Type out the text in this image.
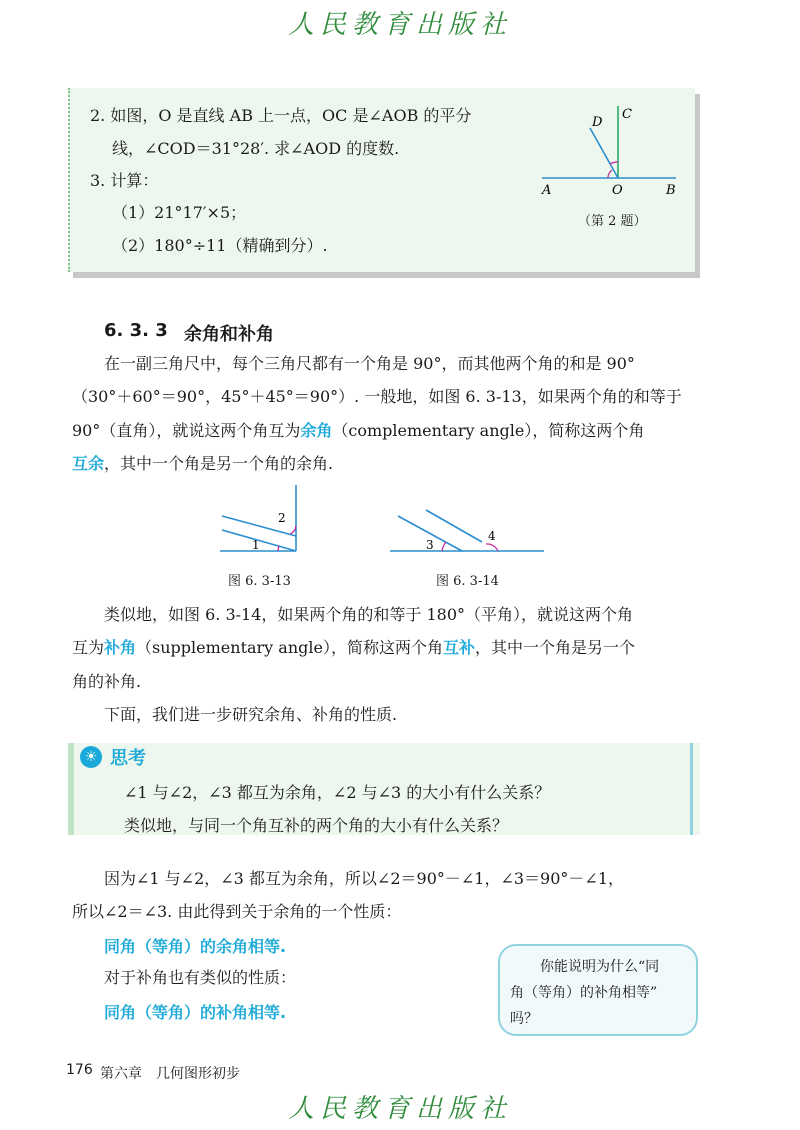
人民教育出版社
2. 如图，O 是直线 AB 上一点，OC 是∠AOB 的平分
线，∠COD＝31°28′. 求∠AOD 的度数.
3. 计算：
（1）21°17′×5；
（2）180°÷11（精确到分）.
D
C
A	O	B
（第 2 题）
6. 3. 3 余角和补角
在一副三角尺中，每个三角尺都有一个角是 90°，而其他两个角的和是 90°
（30°＋60°＝90°，45°＋45°＝90°）. 一般地，如图 6. 3-13，如果两个角的和等于
90°（直角），就说这两个角互为余角（complementary angle），简称这两个角
互余，其中一个角是另一个角的余角.
1
2
3
4
图 6. 3-13	图 6. 3-14
类似地，如图 6. 3-14，如果两个角的和等于 180°（平角），就说这两个角
互为补角（supplementary angle），简称这两个角互补，其中一个角是另一个
角的补角.
下面，我们进一步研究余角、补角的性质.
☀ 思考
∠1 与∠2，∠3 都互为余角，∠2 与∠3 的大小有什么关系？
类似地，与同一个角互补的两个角的大小有什么关系？
因为∠1 与∠2，∠3 都互为余角，所以∠2＝90°－∠1，∠3＝90°－∠1，
所以∠2＝∠3. 由此得到关于余角的一个性质：
同角（等角）的余角相等.
对于补角也有类似的性质：
同角（等角）的补角相等.
你能说明为什么“同
角（等角）的补角相等”
吗？
176 第六章　几何图形初步
人民教育出版社
